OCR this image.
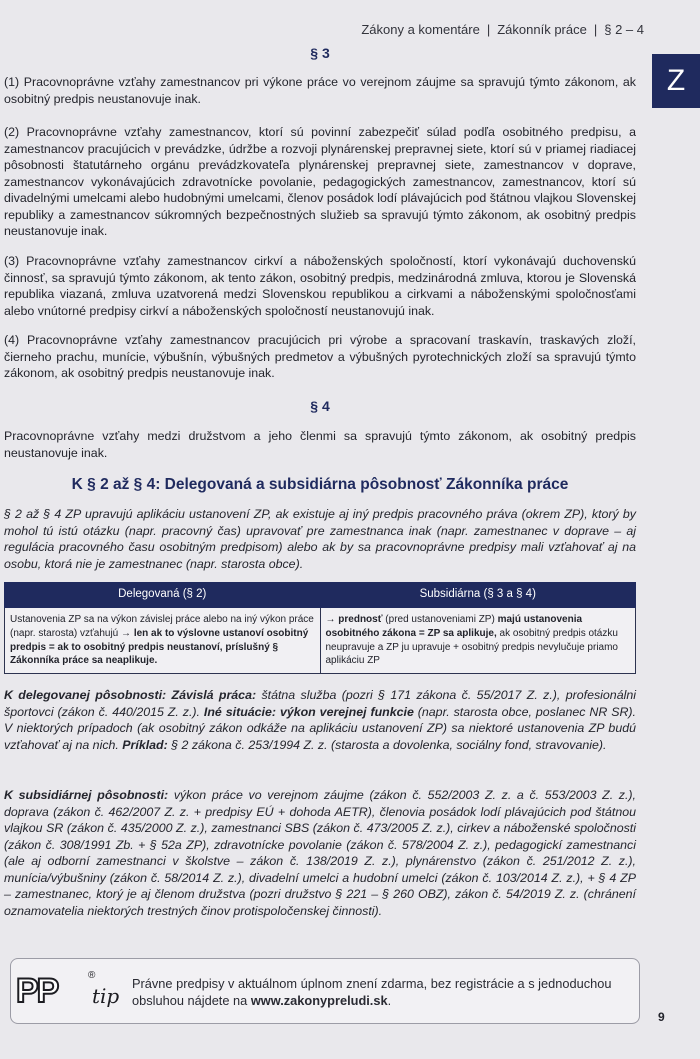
Zákony a komentáre | Zákonník práce | § 2 – 4
Z
§ 3

(1) Pracovnoprávne vzťahy zamestnancov pri výkone práce vo verejnom záujme sa spravujú týmto zákonom, ak osobitný predpis neustanovuje inak.

(2) Pracovnoprávne vzťahy zamestnancov, ktorí sú povinní zabezpečiť súlad podľa osobitného predpisu, a zamestnancov pracujúcich v prevádzke, údržbe a rozvoji plynárenskej prepravnej siete, ktorí sú v priamej riadiacej pôsobnosti štatutárneho orgánu prevádzkovateľa plynárenskej prepravnej siete, zamestnancov v doprave, zamestnancov vykonávajúcich zdravotnícke povolanie, pedagogických zamestnancov, zamestnancov, ktorí sú divadelnými umelcami alebo hudobnými umelcami, členov posádok lodí plávajúcich pod štátnou vlajkou Slovenskej republiky a zamestnancov súkromných bezpečnostných služieb sa spravujú týmto zákonom, ak osobitný predpis neustanovuje inak.

(3) Pracovnoprávne vzťahy zamestnancov cirkví a náboženských spoločností, ktorí vykonávajú duchovenskú činnosť, sa spravujú týmto zákonom, ak tento zákon, osobitný predpis, medzinárodná zmluva, ktorou je Slovenská republika viazaná, zmluva uzatvorená medzi Slovenskou republikou a cirkvami a náboženskými spoločnosťami alebo vnútorné predpisy cirkví a náboženských spoločností neustanovujú inak.

(4) Pracovnoprávne vzťahy zamestnancov pracujúcich pri výrobe a spracovaní traskavín, traskavých zloží, čierneho prachu, munície, výbušnín, výbušných predmetov a výbušných pyrotechnických zloží sa spravujú týmto zákonom, ak osobitný predpis neustanovuje inak.

§ 4

Pracovnoprávne vzťahy medzi družstvom a jeho členmi sa spravujú týmto zákonom, ak osobitný predpis neustanovuje inak.

K § 2 až § 4: Delegovaná a subsidiárna pôsobnosť Zákonníka práce

§ 2 až § 4 ZP upravujú aplikáciu ustanovení ZP, ak existuje aj iný predpis pracovného práva (okrem ZP), ktorý by mohol tú istú otázku (napr. pracovný čas) upravovať pre zamestnanca inak (napr. zamestnanec v doprave – aj regulácia pracovného času osobitným predpisom) alebo ak by sa pracovnoprávne predpisy mali vzťahovať aj na osobu, ktorá nie je zamestnanec (napr. starosta obce).

Delegovaná (§ 2)	Subsidiárna (§ 3 a § 4)
Ustanovenia ZP sa na výkon závislej práce alebo na iný výkon práce (napr. starosta) vzťahujú → len ak to výslovne ustanoví osobitný predpis = ak to osobitný predpis neustanoví, príslušný § Zákonníka práce sa neaplikuje.	→ prednosť (pred ustanoveniami ZP) majú ustanovenia osobitného zákona = ZP sa aplikuje, ak osobitný predpis otázku neupravuje a ZP ju upravuje + osobitný predpis nevylučuje priamo aplikáciu ZP

K delegovanej pôsobnosti: Závislá práca: štátna služba (pozri § 171 zákona č. 55/2017 Z. z.), profesionálni športovci (zákon č. 440/2015 Z. z.). Iné situácie: výkon verejnej funkcie (napr. starosta obce, poslanec NR SR). V niektorých prípadoch (ak osobitný zákon odkáže na aplikáciu ustanovení ZP) sa niektoré ustanovenia ZP budú vzťahovať aj na nich. Príklad: § 2 zákona č. 253/1994 Z. z. (starosta a dovolenka, sociálny fond, stravovanie).

K subsidiárnej pôsobnosti: výkon práce vo verejnom záujme (zákon č. 552/2003 Z. z. a č. 553/2003 Z. z.), doprava (zákon č. 462/2007 Z. z. + predpisy EÚ + dohoda AETR), členovia posádok lodí plávajúcich pod štátnou vlajkou SR (zákon č. 435/2000 Z. z.), zamestnanci SBS (zákon č. 473/2005 Z. z.), cirkev a náboženské spoločnosti (zákon č. 308/1991 Zb. + § 52a ZP), zdravotnícke povolanie (zákon č. 578/2004 Z. z.), pedagogickí zamestnanci (ale aj odborní zamestnanci v školstve – zákon č. 138/2019 Z. z.), plynárenstvo (zákon č. 251/2012 Z. z.), munícia/výbušniny (zákon č. 58/2014 Z. z.), divadelní umelci a hudobní umelci (zákon č. 103/2014 Z. z.), + § 4 ZP – zamestnanec, ktorý je aj členom družstva (pozri družstvo § 221 – § 260 OBZ), zákon č. 54/2019 Z. z. (chránení oznamovatelia niektorých trestných činov protispoločenskej činnosti).

PP	®
tip
Právne predpisy v aktuálnom úplnom znení zdarma, bez registrácie a s jednoduchou obsluhou nájdete na www.zakonypreludi.sk.
9
